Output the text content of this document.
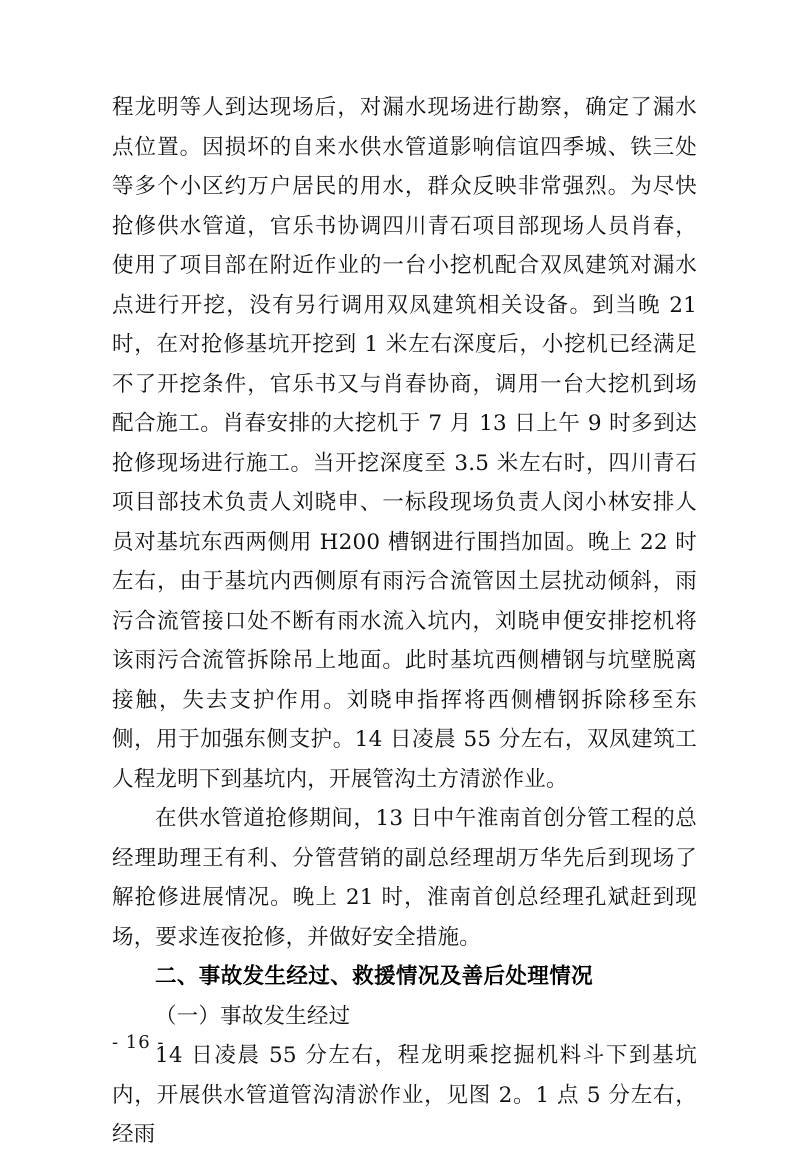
程龙明等人到达现场后，对漏水现场进行勘察，确定了漏水点位置。因损坏的自来水供水管道影响信谊四季城、铁三处等多个小区约万户居民的用水，群众反映非常强烈。为尽快抢修供水管道，官乐书协调四川青石项目部现场人员肖春，使用了项目部在附近作业的一台小挖机配合双凤建筑对漏水点进行开挖，没有另行调用双凤建筑相关设备。到当晚 21 时，在对抢修基坑开挖到 1 米左右深度后，小挖机已经满足不了开挖条件，官乐书又与肖春协商，调用一台大挖机到场配合施工。肖春安排的大挖机于 7 月 13 日上午 9 时多到达抢修现场进行施工。当开挖深度至 3.5 米左右时，四川青石项目部技术负责人刘晓申、一标段现场负责人闵小林安排人员对基坑东西两侧用 H200 槽钢进行围挡加固。晚上 22 时左右，由于基坑内西侧原有雨污合流管因土层扰动倾斜，雨污合流管接口处不断有雨水流入坑内，刘晓申便安排挖机将该雨污合流管拆除吊上地面。此时基坑西侧槽钢与坑壁脱离接触，失去支护作用。刘晓申指挥将西侧槽钢拆除移至东侧，用于加强东侧支护。14 日凌晨 55 分左右，双凤建筑工人程龙明下到基坑内，开展管沟土方清淤作业。

在供水管道抢修期间，13 日中午淮南首创分管工程的总经理助理王有利、分管营销的副总经理胡万华先后到现场了解抢修进展情况。晚上 21 时，淮南首创总经理孔斌赶到现场，要求连夜抢修，并做好安全措施。

二、事故发生经过、救援情况及善后处理情况

（一）事故发生经过

14 日凌晨 55 分左右，程龙明乘挖掘机料斗下到基坑内，开展供水管道管沟清淤作业，见图 2。1 点 5 分左右，经雨

- 16 -
